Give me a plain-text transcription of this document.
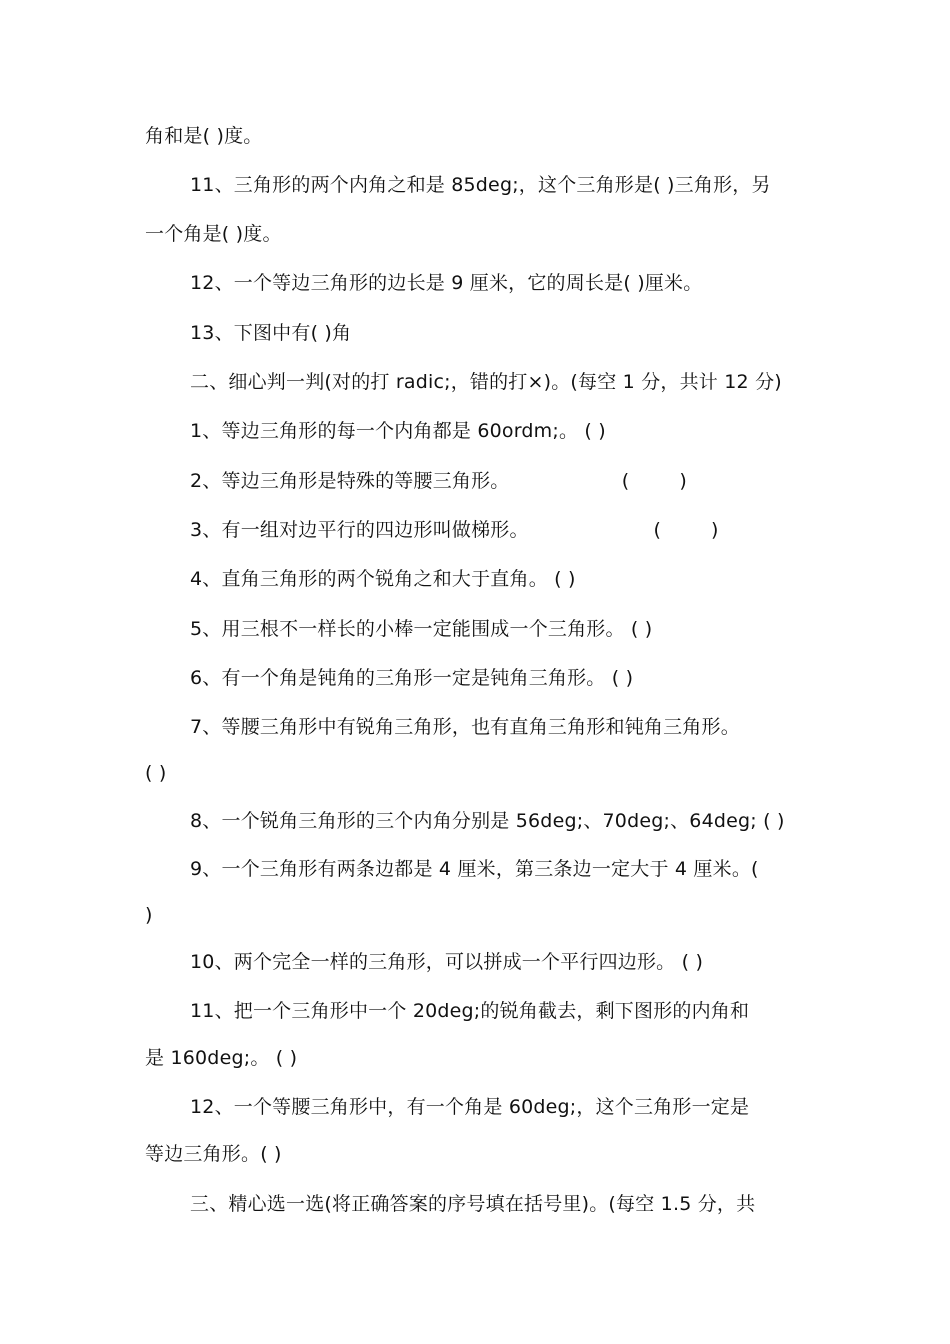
角和是( )度。
11、三角形的两个内角之和是 85deg;，这个三角形是( )三角形，另
一个角是( )度。
12、一个等边三角形的边长是 9 厘米，它的周长是( )厘米。
13、下图中有( )角
二、细心判一判(对的打 radic;，错的打×)。(每空 1 分，共计 12 分)
1、等边三角形的每一个内角都是 60ordm;。 ( )
2、等边三角形是特殊的等腰三角形。                  (        )
3、有一组对边平行的四边形叫做梯形。                    (        )
4、直角三角形的两个锐角之和大于直角。 ( )
5、用三根不一样长的小棒一定能围成一个三角形。 ( )
6、有一个角是钝角的三角形一定是钝角三角形。 ( )
7、等腰三角形中有锐角三角形，也有直角三角形和钝角三角形。
( )
8、一个锐角三角形的三个内角分别是 56deg;、70deg;、64deg; ( )
9、一个三角形有两条边都是 4 厘米，第三条边一定大于 4 厘米。(
)
10、两个完全一样的三角形，可以拼成一个平行四边形。 ( )
11、把一个三角形中一个 20deg;的锐角截去，剩下图形的内角和
是 160deg;。 ( )
12、一个等腰三角形中，有一个角是 60deg;，这个三角形一定是
等边三角形。( )
三、精心选一选(将正确答案的序号填在括号里)。(每空 1.5 分，共
